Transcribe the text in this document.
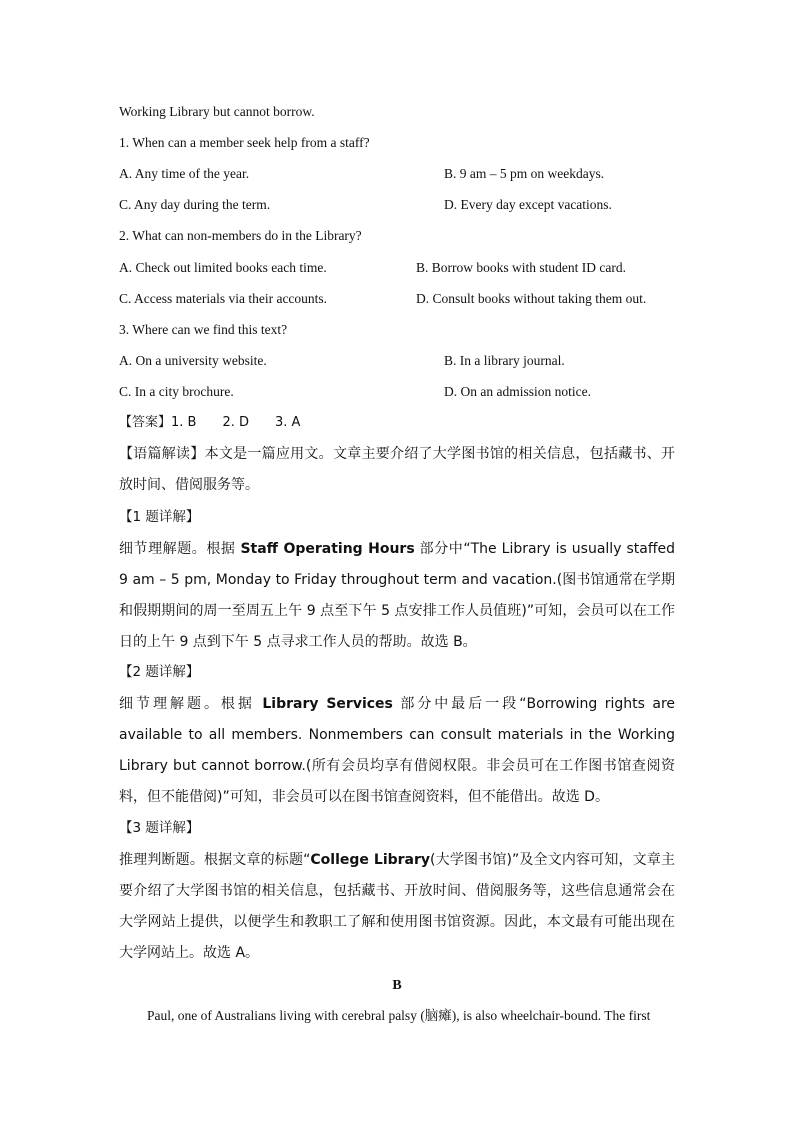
Working Library but cannot borrow.
1. When can a member seek help from a staff?
A. Any time of the year.	B. 9 am – 5 pm on weekdays.
C. Any day during the term.	D. Every day except vacations.
2. What can non-members do in the Library?
A. Check out limited books each time.	B. Borrow books with student ID card.
C. Access materials via their accounts.	D. Consult books without taking them out.
3. Where can we find this text?
A. On a university website.	B. In a library journal.
C. In a city brochure.	D. On an admission notice.
【答案】1. B　　2. D　　3. A
【语篇解读】本文是一篇应用文。文章主要介绍了大学图书馆的相关信息，包括藏书、开放时间、借阅服务等。
【1 题详解】
细节理解题。根据 Staff Operating Hours 部分中“The Library is usually staffed 9 am – 5 pm, Monday to Friday throughout term and vacation.(图书馆通常在学期和假期期间的周一至周五上午 9 点至下午 5 点安排工作人员值班)”可知，会员可以在工作日的上午 9 点到下午 5 点寻求工作人员的帮助。故选 B。
【2 题详解】
细节理解题。根据 Library Services 部分中最后一段“Borrowing rights are available to all members. Nonmembers can consult materials in the Working Library but cannot borrow.(所有会员均享有借阅权限。非会员可在工作图书馆查阅资料，但不能借阅)”可知，非会员可以在图书馆查阅资料，但不能借出。故选 D。
【3 题详解】
推理判断题。根据文章的标题“College Library(大学图书馆)”及全文内容可知，文章主要介绍了大学图书馆的相关信息，包括藏书、开放时间、借阅服务等，这些信息通常会在大学网站上提供，以便学生和教职工了解和使用图书馆资源。因此，本文最有可能出现在大学网站上。故选 A。
B
Paul, one of Australians living with cerebral palsy (脑瘫), is also wheelchair-bound. The first
